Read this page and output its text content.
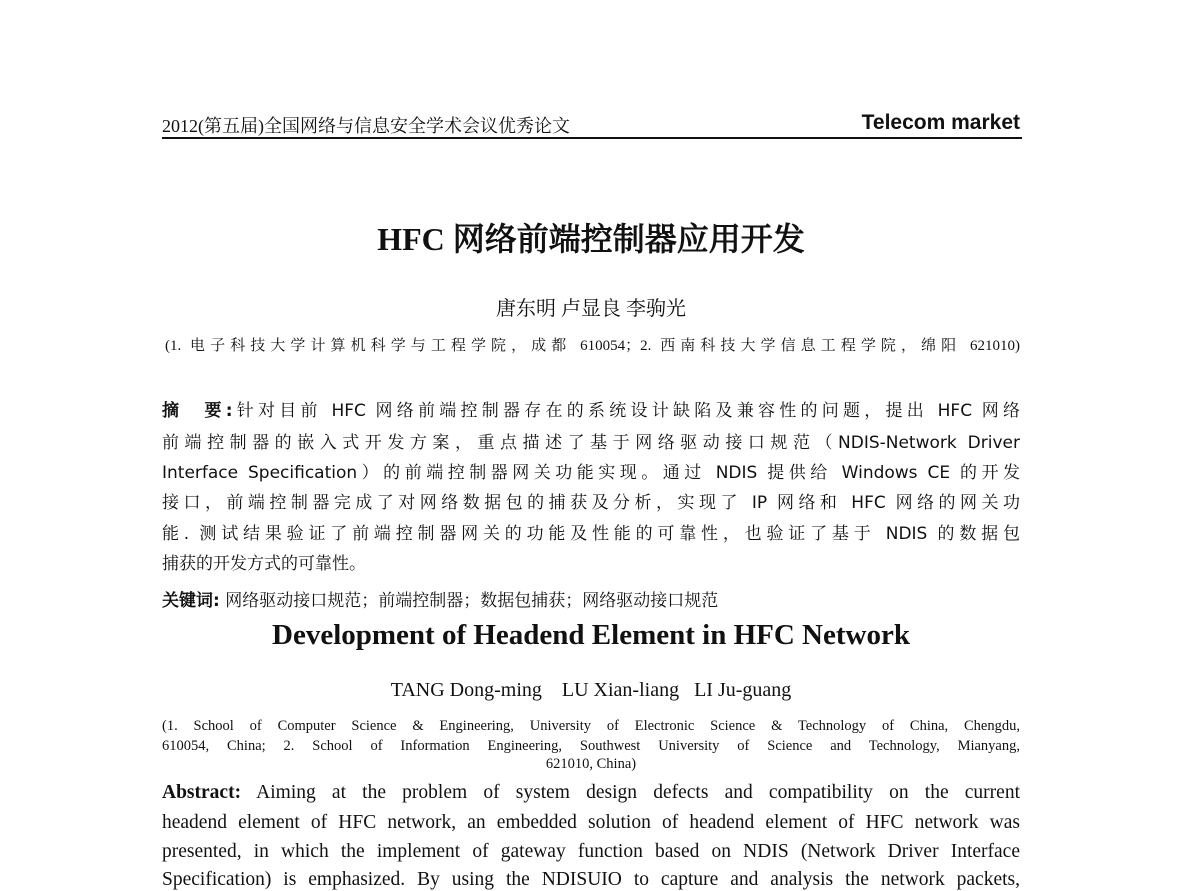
2012(第五届)全国网络与信息安全学术会议优秀论文	Telecom market
HFC 网络前端控制器应用开发
唐东明 卢显良 李驹光
(1. 电子科技大学计算机科学与工程学院，成都 610054；2. 西南科技大学信息工程学院，绵阳 621010)
摘　要:针对目前 HFC 网络前端控制器存在的系统设计缺陷及兼容性的问题，提出 HFC 网络
前端控制器的嵌入式开发方案，重点描述了基于网络驱动接口规范（NDIS-Network Driver
Interface Specification）的前端控制器网关功能实现。通过 NDIS 提供给 Windows CE 的开发
接口，前端控制器完成了对网络数据包的捕获及分析，实现了 IP 网络和 HFC 网络的网关功
能. 测试结果验证了前端控制器网关的功能及性能的可靠性，也验证了基于 NDIS 的数据包
捕获的开发方式的可靠性。
关键词: 网络驱动接口规范；前端控制器；数据包捕获；网络驱动接口规范
Development of Headend Element in HFC Network
TANG Dong-ming    LU Xian-liang   LI Ju-guang
(1. School of Computer Science & Engineering, University of Electronic Science & Technology of China, Chengdu,
610054, China; 2. School of Information Engineering, Southwest University of Science and Technology, Mianyang,
621010, China)
Abstract: Aiming at the problem of system design defects and compatibility on the current
headend element of HFC network, an embedded solution of headend element of HFC network was
presented, in which the implement of gateway function based on NDIS (Network Driver Interface
Specification) is emphasized. By using the NDISUIO to capture and analysis the network packets,
